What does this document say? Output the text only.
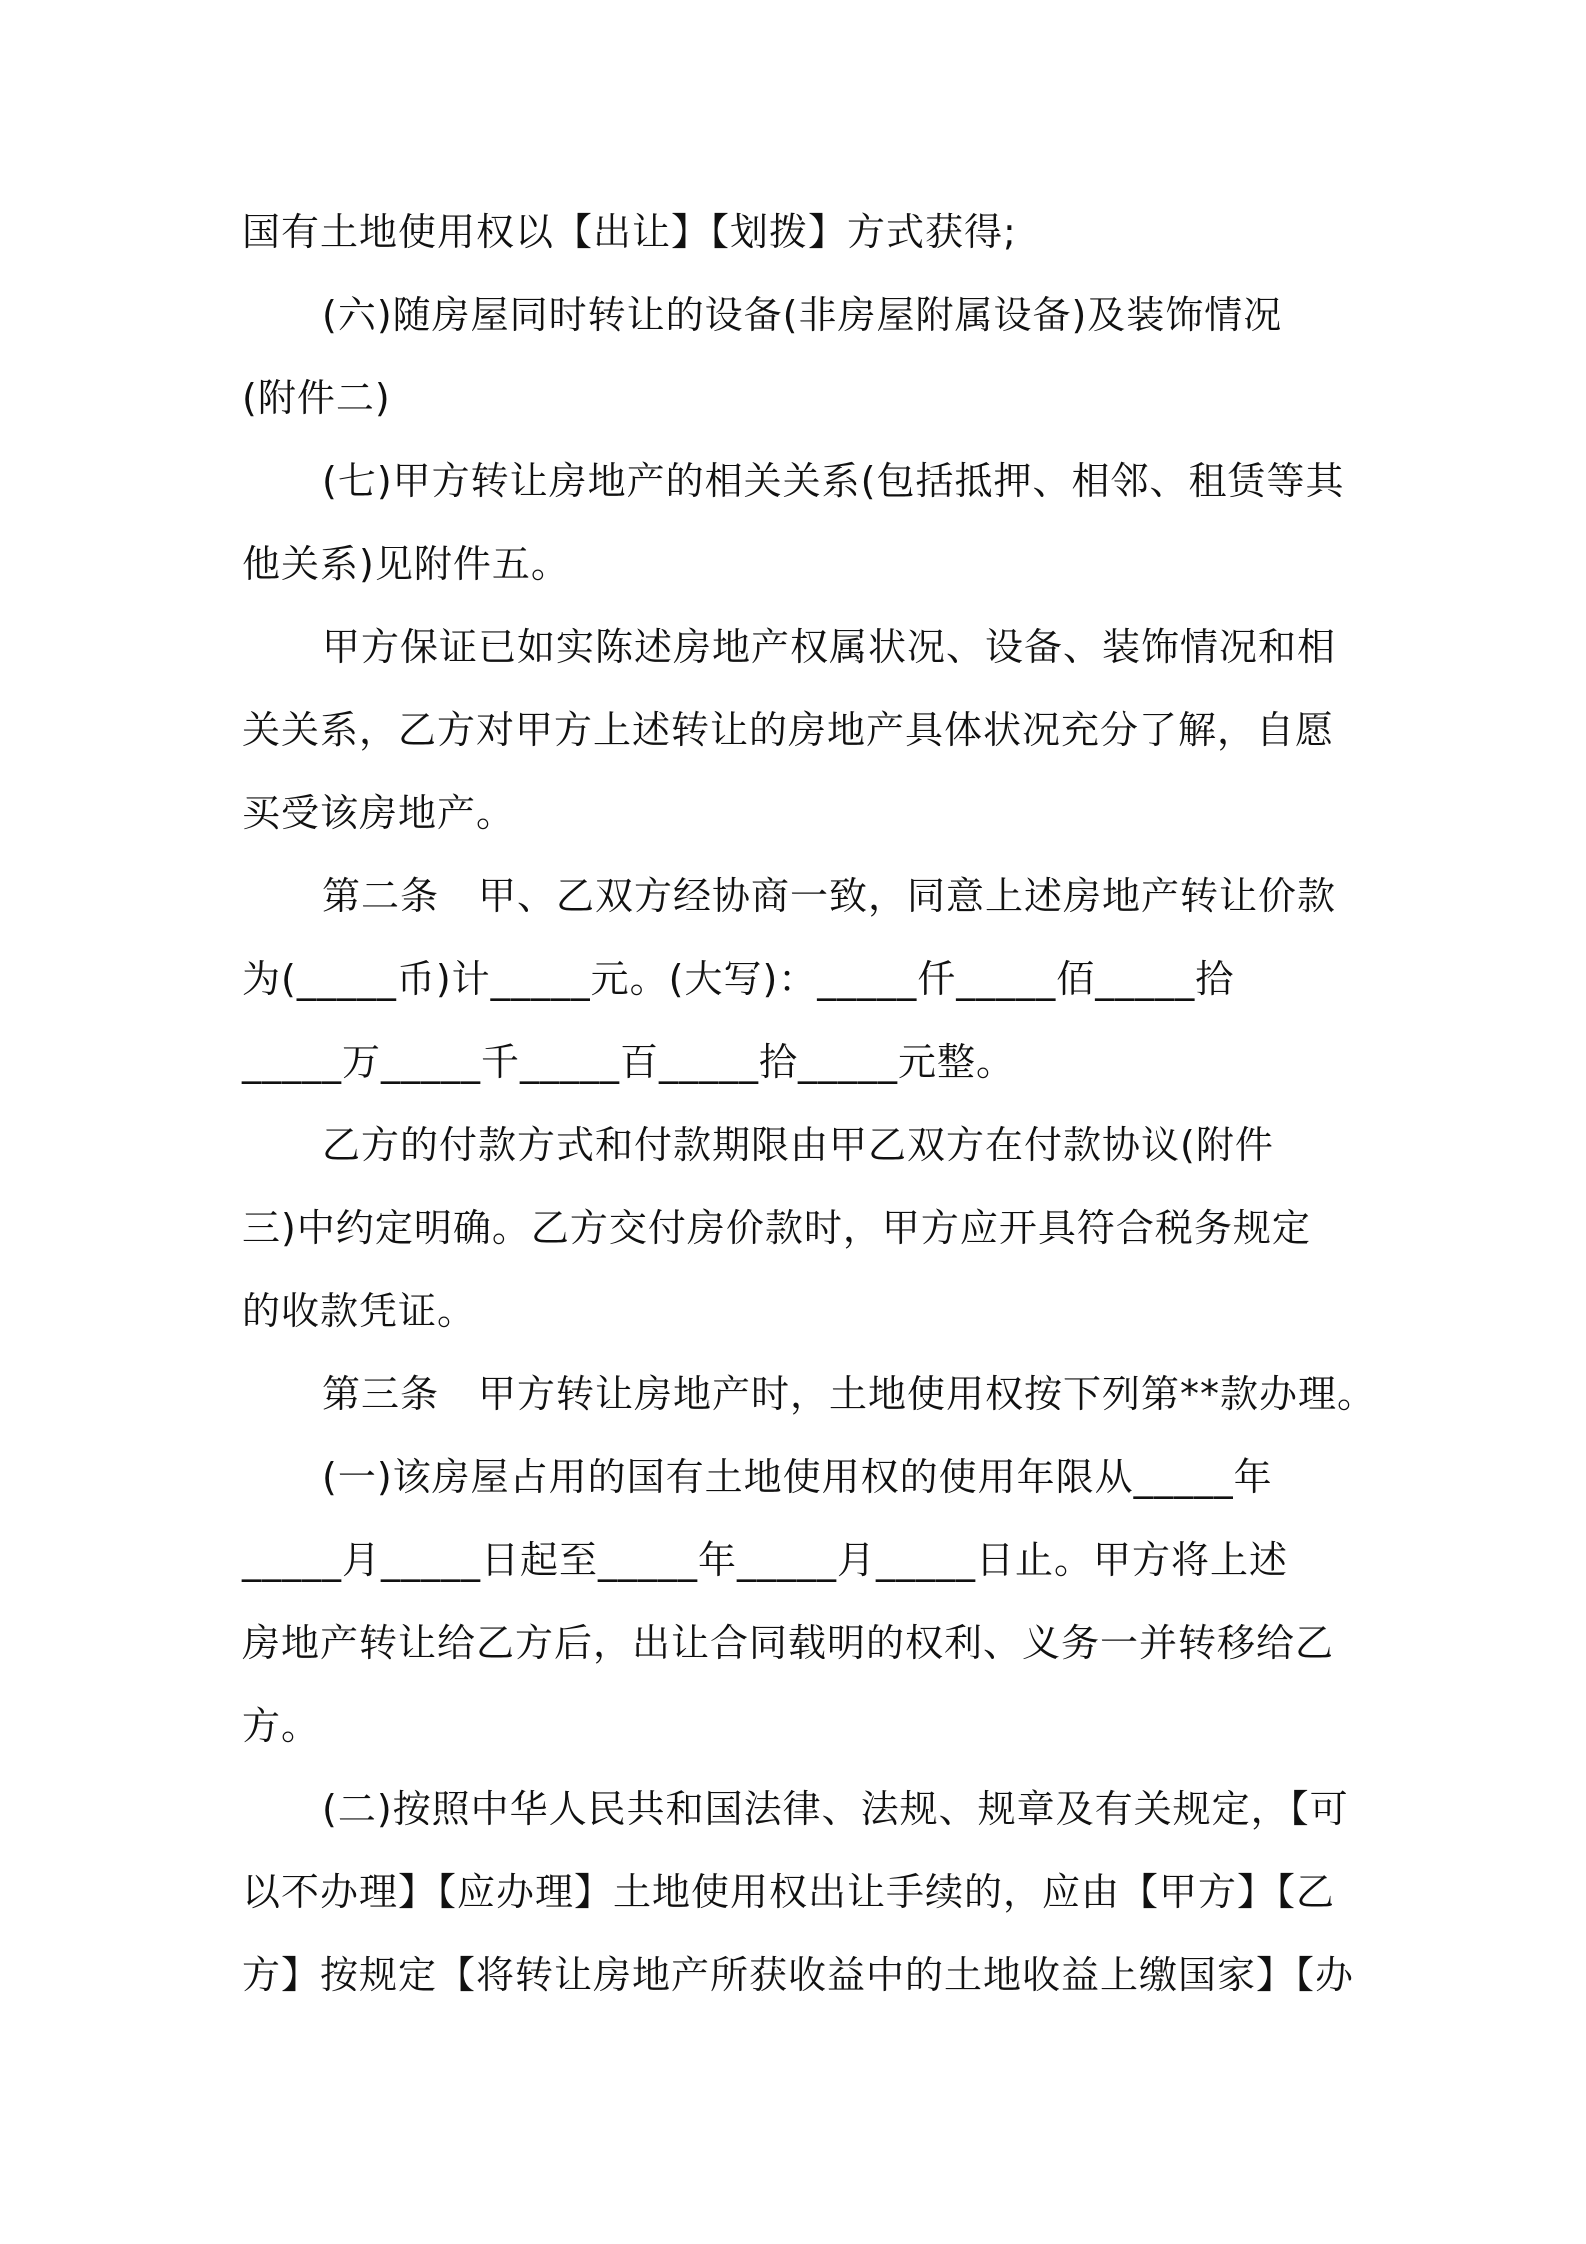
国有土地使用权以【出让】【划拨】方式获得;
(六)随房屋同时转让的设备(非房屋附属设备)及装饰情况
(附件二)
(七)甲方转让房地产的相关关系(包括抵押、相邻、租赁等其
他关系)见附件五。
甲方保证已如实陈述房地产权属状况、设备、装饰情况和相
关关系，乙方对甲方上述转让的房地产具体状况充分了解，自愿
买受该房地产。
第二条　甲、乙双方经协商一致，同意上述房地产转让价款
为(_____币)计_____元。(大写)：_____仟_____佰_____拾
_____万_____千_____百_____拾_____元整。
乙方的付款方式和付款期限由甲乙双方在付款协议(附件
三)中约定明确。乙方交付房价款时，甲方应开具符合税务规定
的收款凭证。
第三条　甲方转让房地产时，土地使用权按下列第**款办理。
(一)该房屋占用的国有土地使用权的使用年限从_____年
_____月_____日起至_____年_____月_____日止。甲方将上述
房地产转让给乙方后，出让合同载明的权利、义务一并转移给乙
方。
(二)按照中华人民共和国法律、法规、规章及有关规定，【可
以不办理】【应办理】土地使用权出让手续的，应由【甲方】【乙
方】按规定【将转让房地产所获收益中的土地收益上缴国家】【办
